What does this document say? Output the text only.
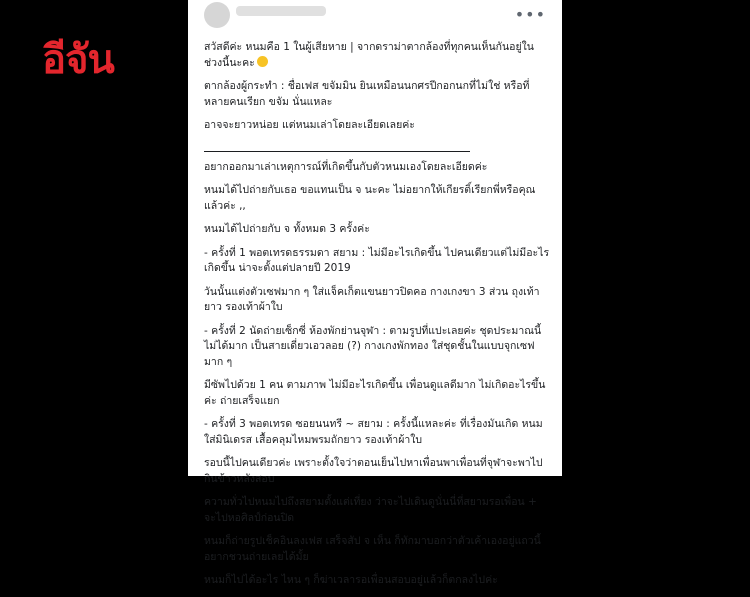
อีจัน
•••

สวัสดีค่ะ หนมคือ 1 ในผู้เสียหาย | จากดราม่าตากล้องที่ทุกคนเห็นกันอยู่ในช่วงนี้นะคะ

ตากล้องผู้กระทำ : ชื่อเฟส ขจัมมิน ยินเหมือนนกศรปีกอกนกที่ไม่ใช่ หรือที่หลายคนเรียก ขจัม นั่นแหละ

อาจจะยาวหน่อย แต่หนมเล่าโดยละเอียดเลยค่ะ

อยากออกมาเล่าเหตุการณ์ที่เกิดขึ้นกับตัวหนมเองโดยละเอียดค่ะ

หนมได้ไปถ่ายกับเธอ ขอแทนเป็น จ นะคะ ไม่อยากให้เกียรติ์เรียกพี่หรือคุณแล้วค่ะ ,,

หนมได้ไปถ่ายกับ จ ทั้งหมด 3 ครั้งค่ะ

- ครั้งที่ 1 พอตเทรดธรรมดา สยาม : ไม่มีอะไรเกิดขึ้น ไปคนเดียวแต่ไม่มีอะไรเกิดขึ้น น่าจะตั้งแต่ปลายปี 2019

วันนั้นแต่งตัวเซฟมาก ๆ ใส่แจ็คเก็ตแขนยาวปิดคอ กางเกงขา 3 ส่วน ถุงเท้ายาว รองเท้าผ้าใบ

- ครั้งที่ 2 นัดถ่ายเซ็กซี่ ห้องพักย่านจุฬา : ตามรูปที่แปะเลยค่ะ ชุดประมาณนี้ไม่ได้มาก เป็นสายเดี่ยวเอวลอย (?) กางเกงพักทอง ใส่ชุดชั้นในแบบจุกเซฟมาก ๆ

มีซัพไปด้วย 1 คน ตามภาพ ไม่มีอะไรเกิดขึ้น เพื่อนดูแลดีมาก ไม่เกิดอะไรขึ้นค่ะ ถ่ายเสร็จแยก

- ครั้งที่ 3 พอตเทรด ซอยนนทรี ~ สยาม : ครั้งนี้แหละค่ะ ที่เรื่องมันเกิด หนมใส่มินิเดรส เสื้อคลุมไหมพรมถักยาว รองเท้าผ้าใบ

รอบนี้ไปคนเดียวค่ะ เพราะตั้งใจว่าตอนเย็นไปหาเพื่อนพาเพื่อนที่จุฬาจะพาไปกินข้าวหลังสอบ

ความทั่วไปหนมไปถึงสยามตั้งแต่เที่ยง ว่าจะไปเดินดูนั่นนี่ที่สยามรอเพื่อน + จะไปหอศิลป์ก่อนปิด

หนมก็ถ่ายรูปเช็คอินลงเฟส เสร็จสัป จ เห็น ก็ทักมาบอกว่าตัวเค้าเองอยู่แถวนี้อยากชวนถ่ายเลยได้มั้ย

หนมก็ไปได้อะไร ไหน ๆ ก็ฆ่าเวลารอเพื่อนสอบอยู่แล้วก็ตกลงไปค่ะ
